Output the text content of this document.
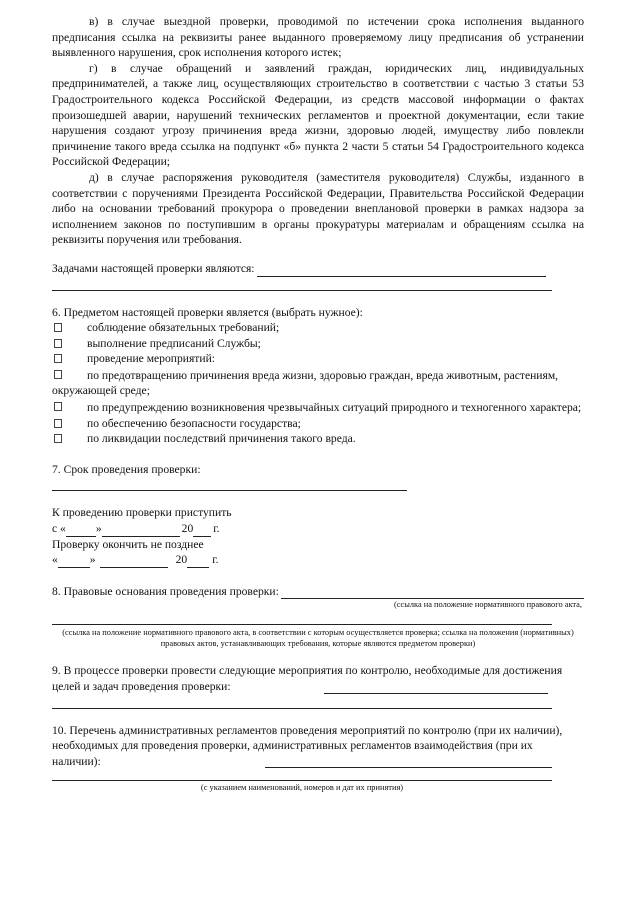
в) в случае выездной проверки, проводимой по истечении срока исполнения выданного предписания ссылка на реквизиты ранее выданного проверяемому лицу предписания об устранении выявленного нарушения, срок исполнения которого истек;

г) в случае обращений и заявлений граждан, юридических лиц, индивидуальных предпринимателей, а также лиц, осуществляющих строительство в соответствии с частью 3 статьи 53 Градостроительного кодекса Российской Федерации, из средств массовой информации о фактах произошедшей аварии, нарушений технических регламентов и проектной документации, если такие нарушения создают угрозу причинения вреда жизни, здоровью людей, имуществу либо повлекли причинение такого вреда ссылка на подпункт «б» пункта 2 части 5 статьи 54 Градостроительного кодекса Российской Федерации;

д) в случае распоряжения руководителя (заместителя руководителя) Службы, изданного в соответствии с поручениями Президента Российской Федерации, Правительства Российской Федерации либо на основании требований прокурора о проведении внеплановой проверки в рамках надзора за исполнением законов по поступившим в органы прокуратуры материалам и обращениям ссылка на реквизиты поручения или требования.

Задачами настоящей проверки являются:

6. Предметом настоящей проверки является (выбрать нужное):

соблюдение обязательных требований;
выполнение предписаний Службы;
проведение мероприятий:
по предотвращению причинения вреда жизни, здоровью граждан, вреда животным, растениям, окружающей среде;
по предупреждению возникновения чрезвычайных ситуаций природного и техногенного характера;
по обеспечению безопасности государства;
по ликвидации последствий причинения такого вреда.

7. Срок проведения проверки:

К проведению проверки приступить

с «	»	20 г.

Проверку окончить не позднее

«	»	20 г.
8. Правовые основания проведения проверки:

(ссылка на положение нормативного правового акта,

(ссылка на положение нормативного правового акта, в соответствии с которым осуществляется проверка; ссылка на положения (нормативных) правовых актов, устанавливающих требования, которые являются предметом проверки)

9. В процессе проверки провести следующие мероприятия по контролю, необходимые для достижения целей и задач проведения проверки:

10. Перечень административных регламентов проведения мероприятий по контролю (при их наличии), необходимых для проведения проверки, административных регламентов взаимодействия (при их наличии):

(с указанием наименований, номеров и дат их принятия)
